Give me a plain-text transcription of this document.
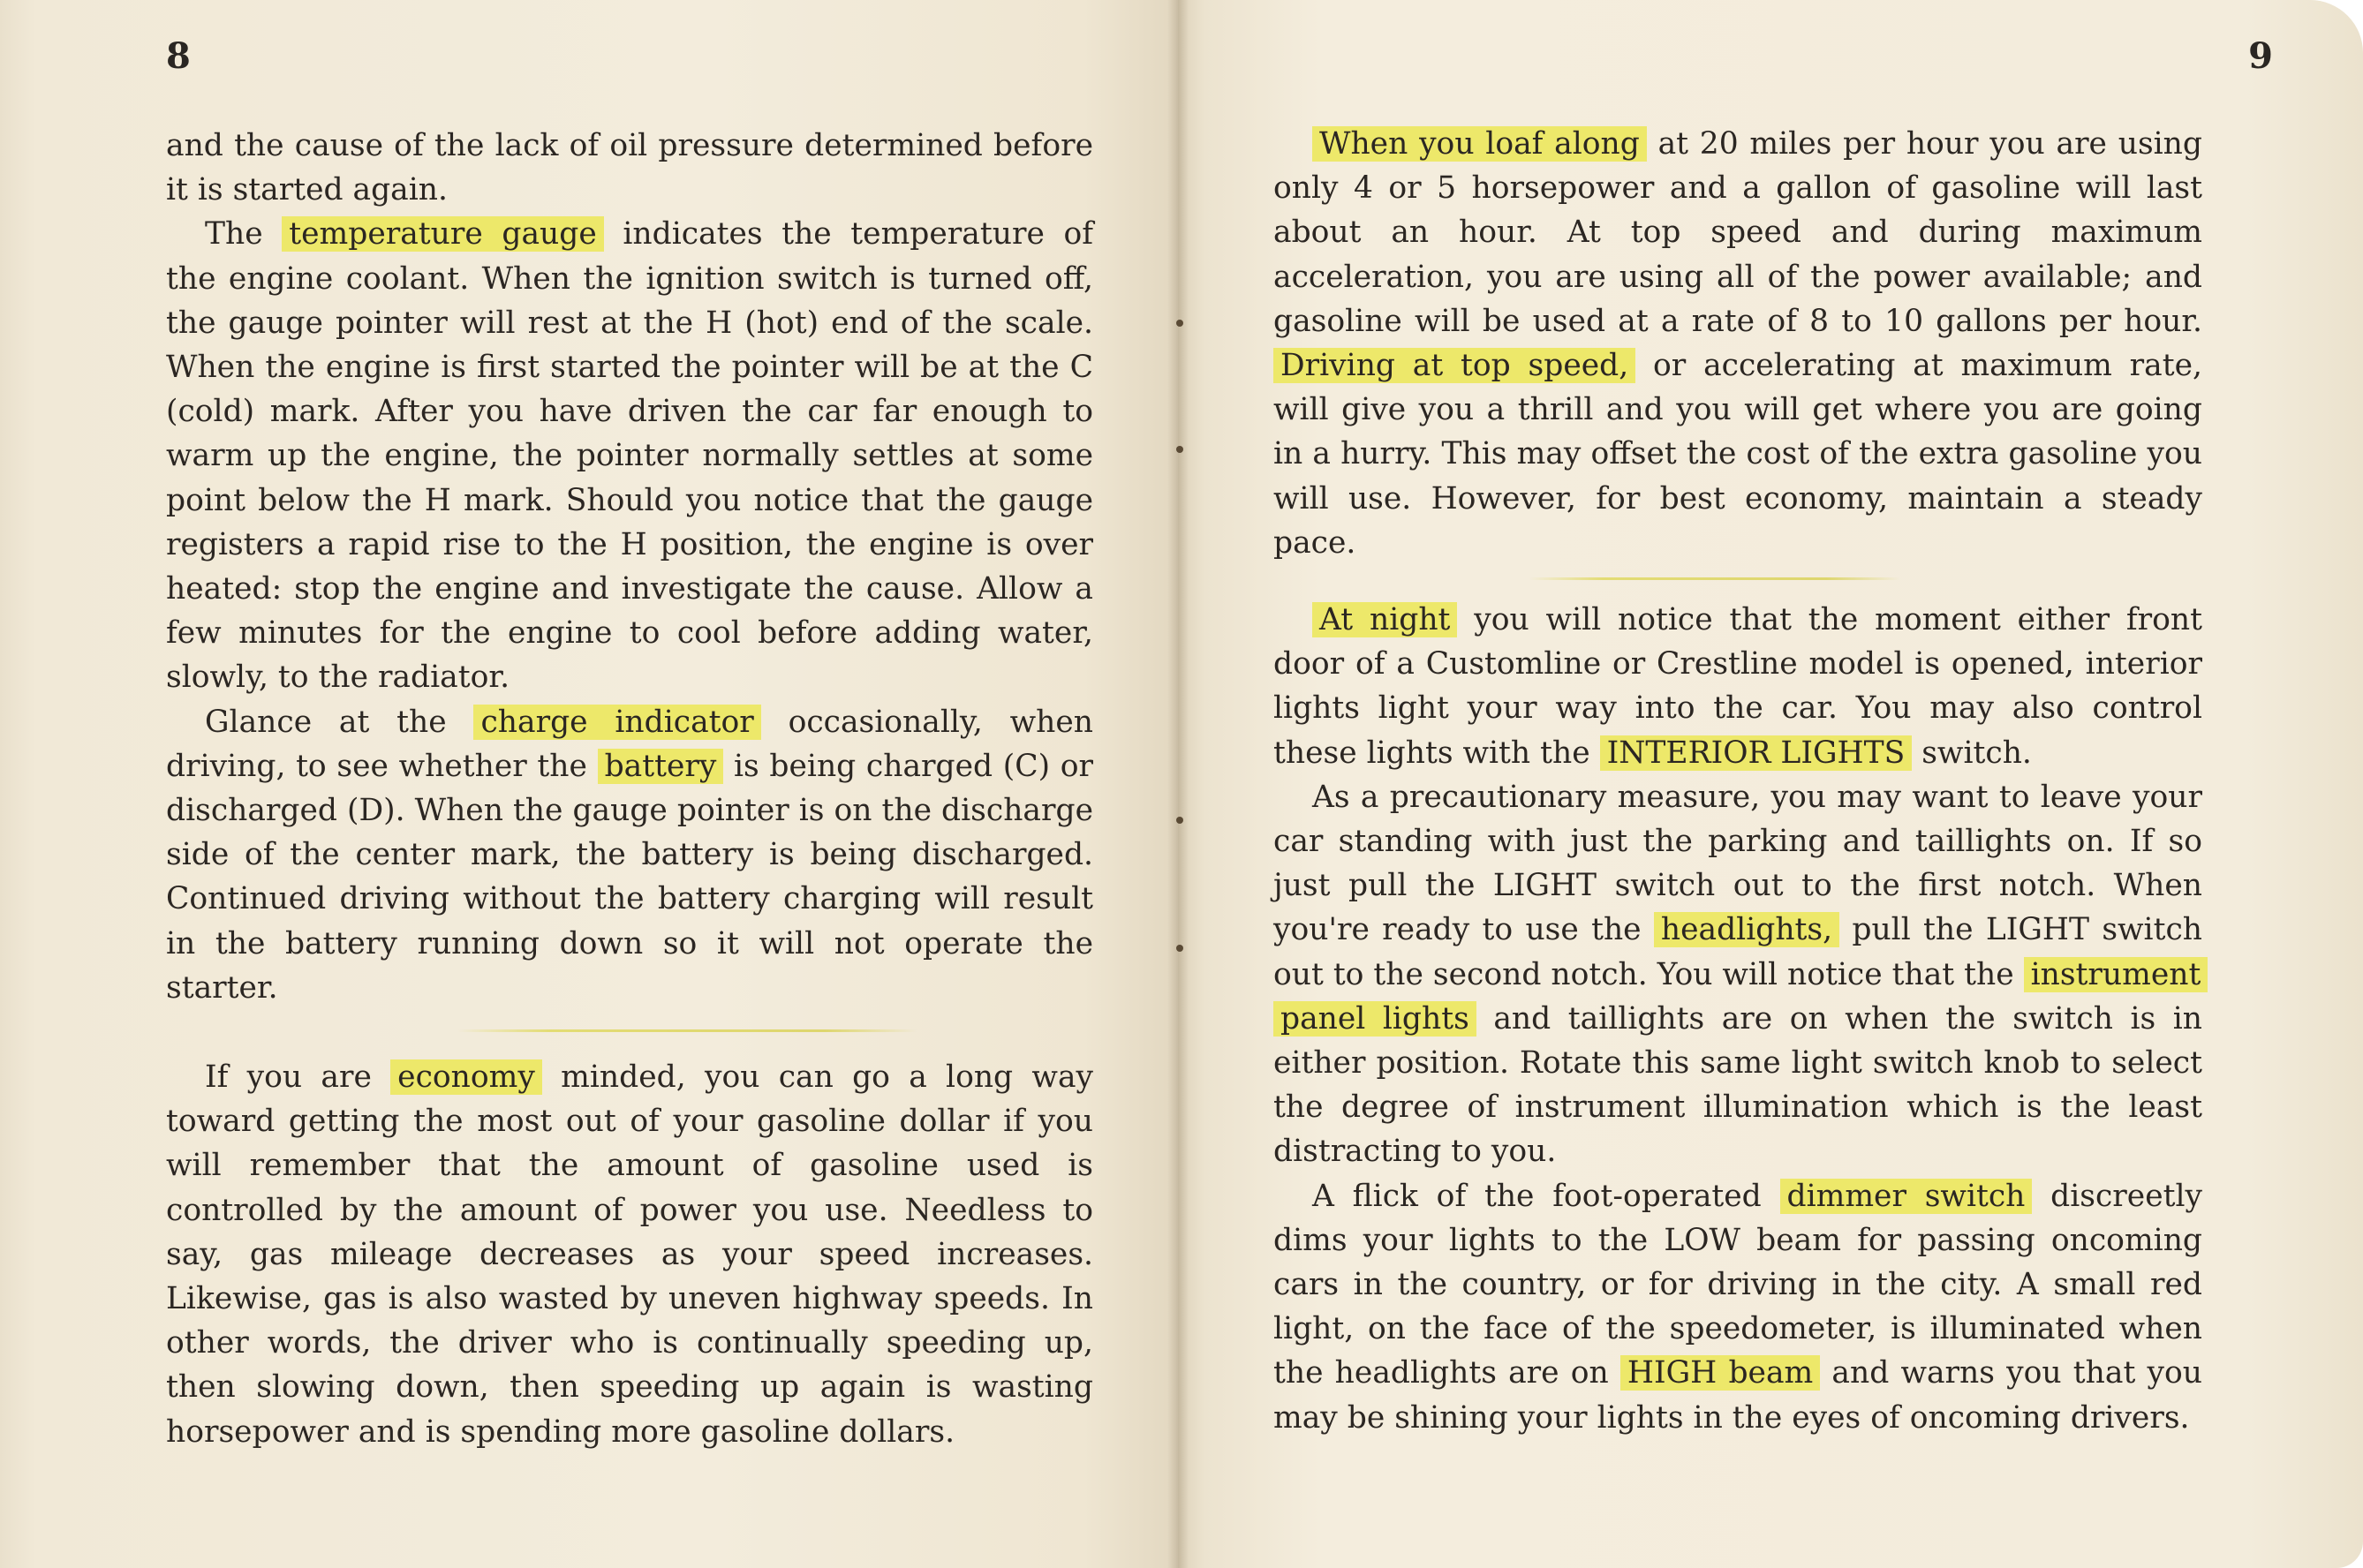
8

and the cause of the lack of oil pressure determined before it is started again.

The temperature gauge indicates the temperature of the engine coolant. When the ignition switch is turned off, the gauge pointer will rest at the H (hot) end of the scale. When the engine is first started the pointer will be at the C (cold) mark. After you have driven the car far enough to warm up the engine, the pointer normally settles at some point below the H mark. Should you notice that the gauge registers a rapid rise to the H position, the engine is over heated: stop the engine and investigate the cause. Allow a few minutes for the engine to cool before adding water, slowly, to the radiator.

Glance at the charge indicator occasionally, when driving, to see whether the battery is being charged (C) or discharged (D). When the gauge pointer is on the discharge side of the center mark, the battery is being discharged. Continued driving without the battery charging will result in the battery running down so it will not operate the starter.

If you are economy minded, you can go a long way toward getting the most out of your gasoline dollar if you will remember that the amount of gasoline used is controlled by the amount of power you use. Needless to say, gas mileage decreases as your speed increases. Likewise, gas is also wasted by uneven highway speeds. In other words, the driver who is continually speeding up, then slowing down, then speeding up again is wasting horsepower and is spending more gasoline dollars.

9

When you loaf along at 20 miles per hour you are using only 4 or 5 horsepower and a gallon of gasoline will last about an hour. At top speed and during maximum acceleration, you are using all of the power available; and gasoline will be used at a rate of 8 to 10 gallons per hour. Driving at top speed, or accelerating at maximum rate, will give you a thrill and you will get where you are going in a hurry. This may offset the cost of the extra gasoline you will use. However, for best economy, maintain a steady pace.

At night you will notice that the moment either front door of a Customline or Crestline model is opened, interior lights light your way into the car. You may also control these lights with the INTERIOR LIGHTS switch.

As a precautionary measure, you may want to leave your car standing with just the parking and taillights on. If so just pull the LIGHT switch out to the first notch. When you're ready to use the headlights, pull the LIGHT switch out to the second notch. You will notice that the instrument panel lights and taillights are on when the switch is in either position. Rotate this same light switch knob to select the degree of instrument illumination which is the least distracting to you.

A flick of the foot-operated dimmer switch discreetly dims your lights to the LOW beam for passing oncoming cars in the country, or for driving in the city. A small red light, on the face of the speedometer, is illuminated when the headlights are on HIGH beam and warns you that you may be shining your lights in the eyes of oncoming drivers.
